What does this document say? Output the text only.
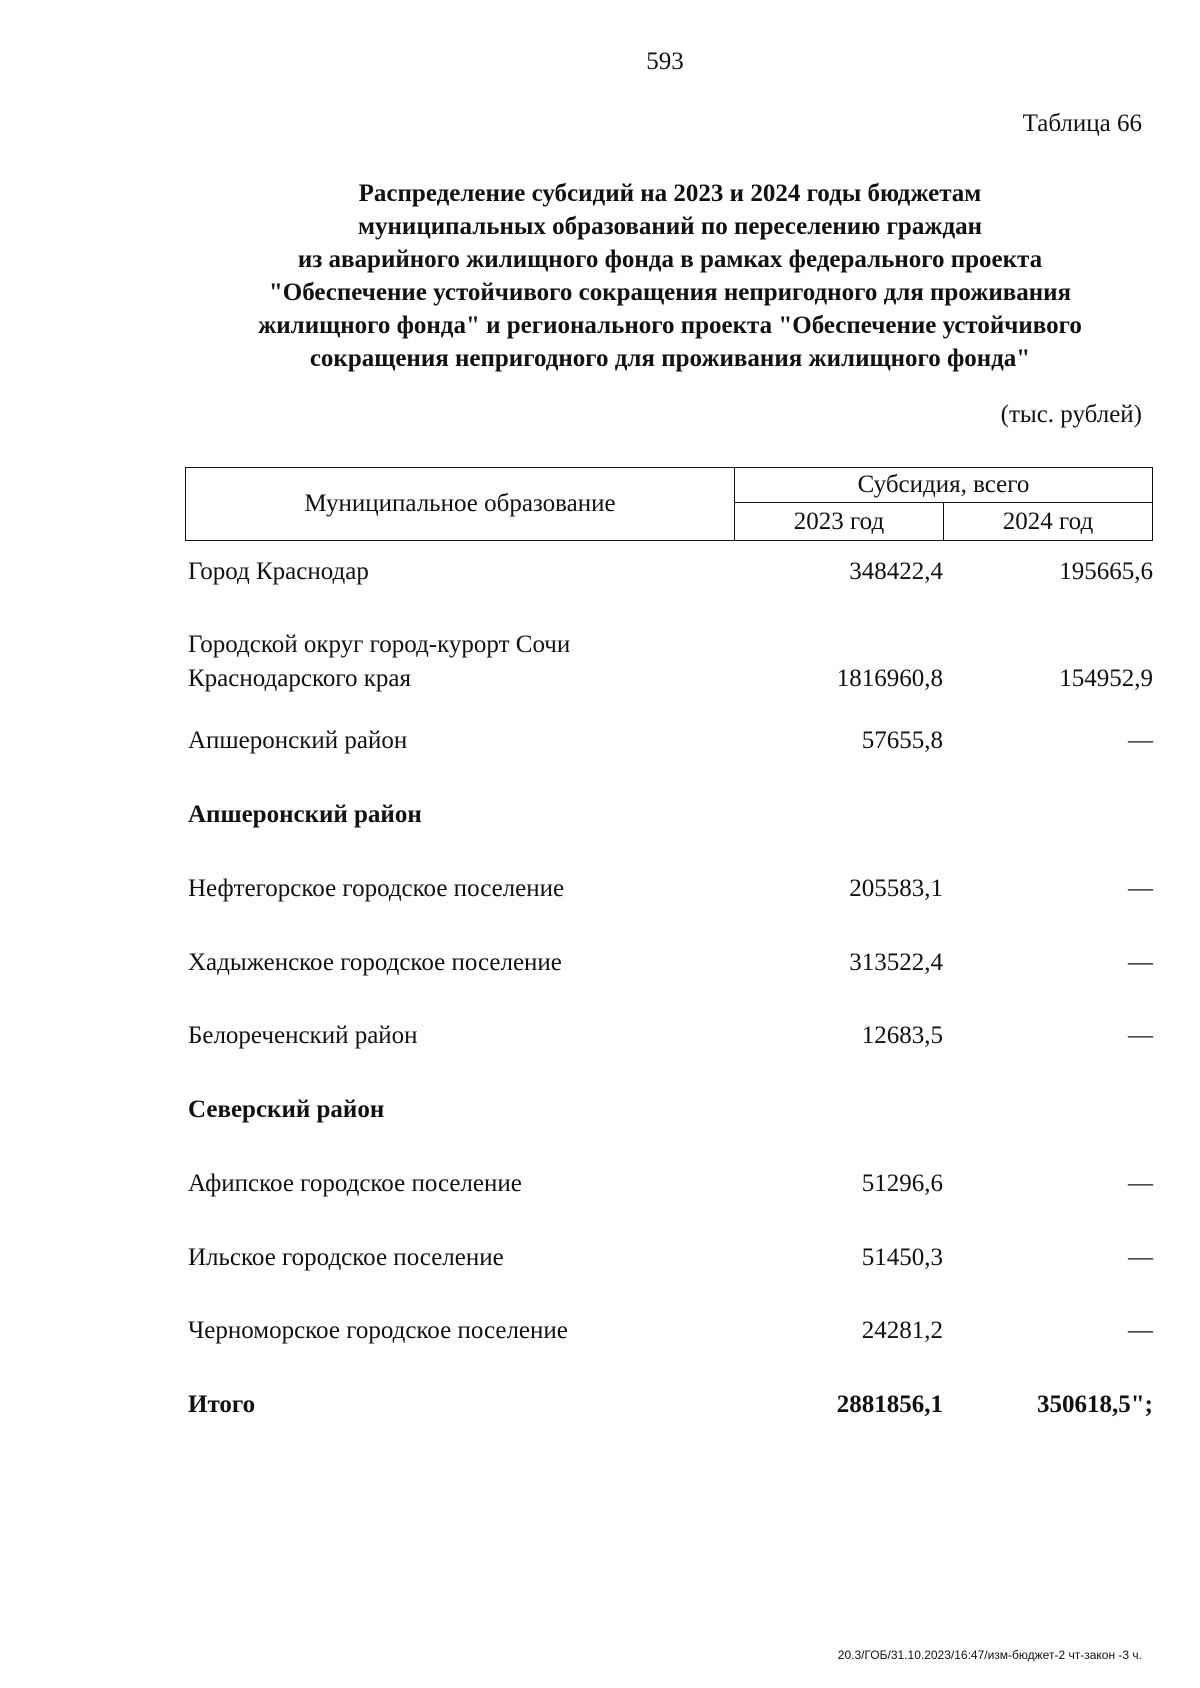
593
Таблица 66
Распределение субсидий на 2023 и 2024 годы бюджетам
муниципальных образований по переселению граждан
из аварийного жилищного фонда в рамках федерального проекта
"Обеспечение устойчивого сокращения непригодного для проживания
жилищного фонда" и регионального проекта "Обеспечение устойчивого
сокращения непригодного для проживания жилищного фонда"
(тыс. рублей)
Муниципальное образование	Субсидия, всего	
	2023 год	2024 год
Город Краснодар	348422,4	195665,6
Городской округ город-курорт Сочи
Краснодарского края	1816960,8	154952,9
Апшеронский район	57655,8	—
Апшеронский район
Нефтегорское городское поселение	205583,1	—
Хадыженское городское поселение	313522,4	—
Белореченский район	12683,5	—
Северский район
Афипское городское поселение	51296,6	—
Ильское городское поселение	51450,3	—
Черноморское городское поселение	24281,2	—
Итого	2881856,1	350618,5";
20.3/ГОБ/31.10.2023/16:47/изм-бюджет-2 чт-закон -3 ч.
